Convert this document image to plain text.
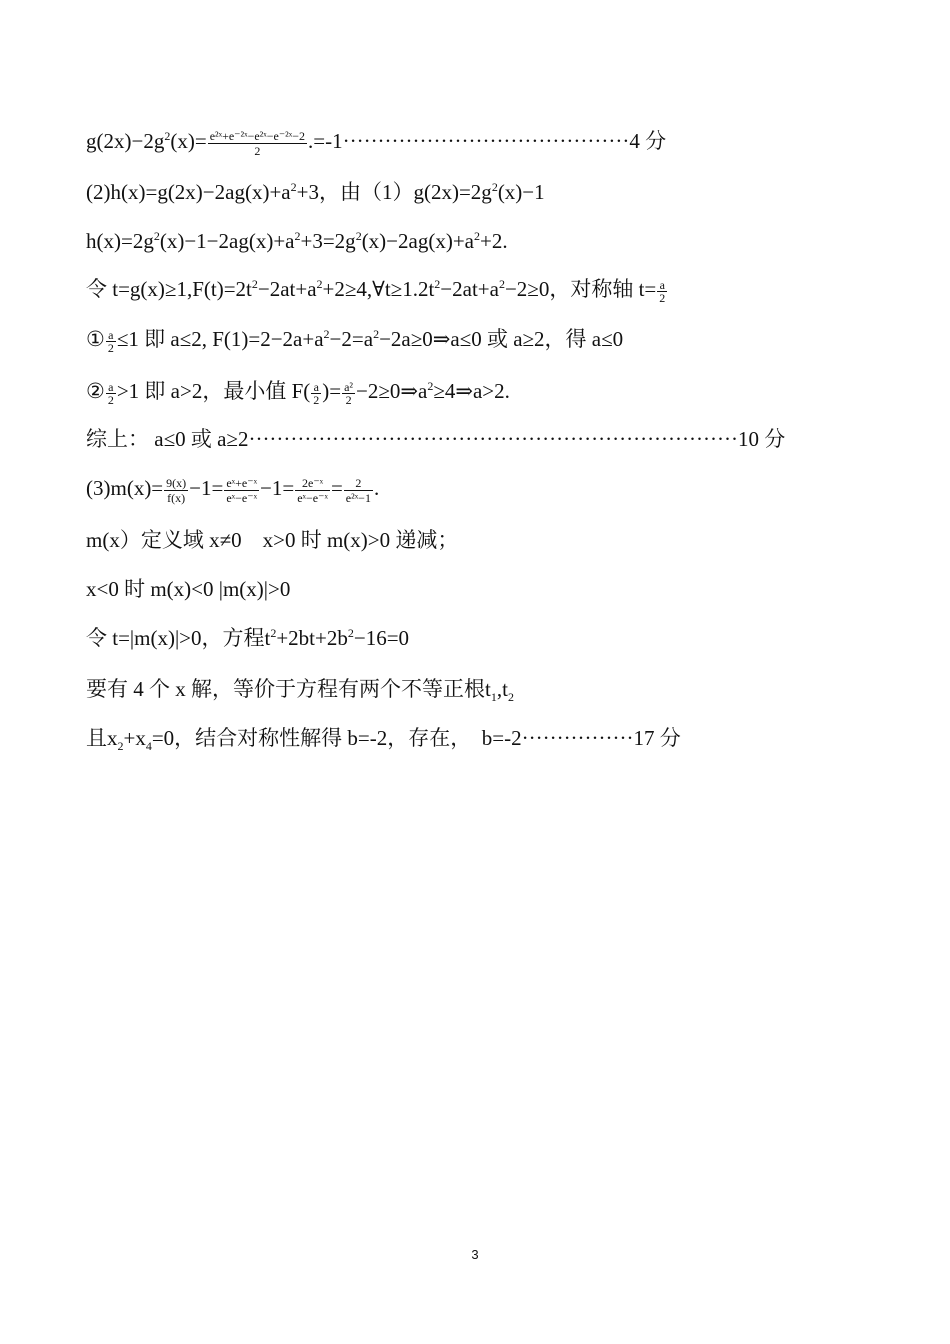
$g(2x)-2g^2(x)= \frac{\text{e²ˣ+e⁻²ˣ−e²ˣ−e⁻²ˣ−2}}{2} .=-1\cdot\cdot\cdot\cdot\cdot\cdot\cdot\cdot\cdot\cdot\cdot\cdot\cdot\cdot\cdot\cdot\cdot\cdot\cdot\cdot\cdot\cdot\cdot\cdot\cdot\cdot\cdot\cdot\cdot\cdot\cdot\cdot\cdot\cdot\cdot\cdot\cdot\cdot\cdot\cdot\cdot 4$ 分
$(2)h(x)=g(2x)-2ag(x)+a^2+3$，由$(1)g(2x)=2g^2(x)-1$
$h(x)=2g^2(x)-1-2ag(x)+a^2+3=2g^2(x)-2ag(x)+a^2+2$.
令 $t=g(x)\ge 1,F(t)=2t^2-2at+a^2+2\ge 4,\forall t\ge 1.2t^2-2at+a^2-2\ge 0$，对称轴 $t= \frac{a}{2}$
① $\frac{a}{2} \le 1$ 即 a≤2, $F(1)=2-2a+a^2-2=a^2-2a\ge 0\Rightarrow a\le 0$ 或 a≥2，得 a≤0
② $\frac{a}{2} >1$ 即 a>2，最小值 $F( \frac{a}{2}$ )= $\frac{\text{a²}}{2}$ $-2\ge 0\Rightarrow a^2\ge 4\Rightarrow a>2$.
综上： a≤0 或 a≥2······································································10 分
$(3)m(x)= \frac{9(x)}{f(x)} -1= \frac{\text{eˣ+e⁻ˣ}}{\text{eˣ−e⁻ˣ}} -1= \frac{\text{2e⁻ˣ}}{\text{eˣ−e⁻ˣ}} = \frac{2}{\text{e²ˣ−1}}$ .
m(x）定义域 x≠0　x>0 时 m(x)>0 递减；
x<0 时 m(x)<0 |m(x)|>0
令 t=|m(x)|>0，方程$t^2+2bt+2b^2-16=0$
要有 4 个 x 解，等价于方程有两个不等正根$t_1,t_2$
且$x_2+x_4=0$，结合对称性解得 b=-2，存在，　b=-2················17 分
3
